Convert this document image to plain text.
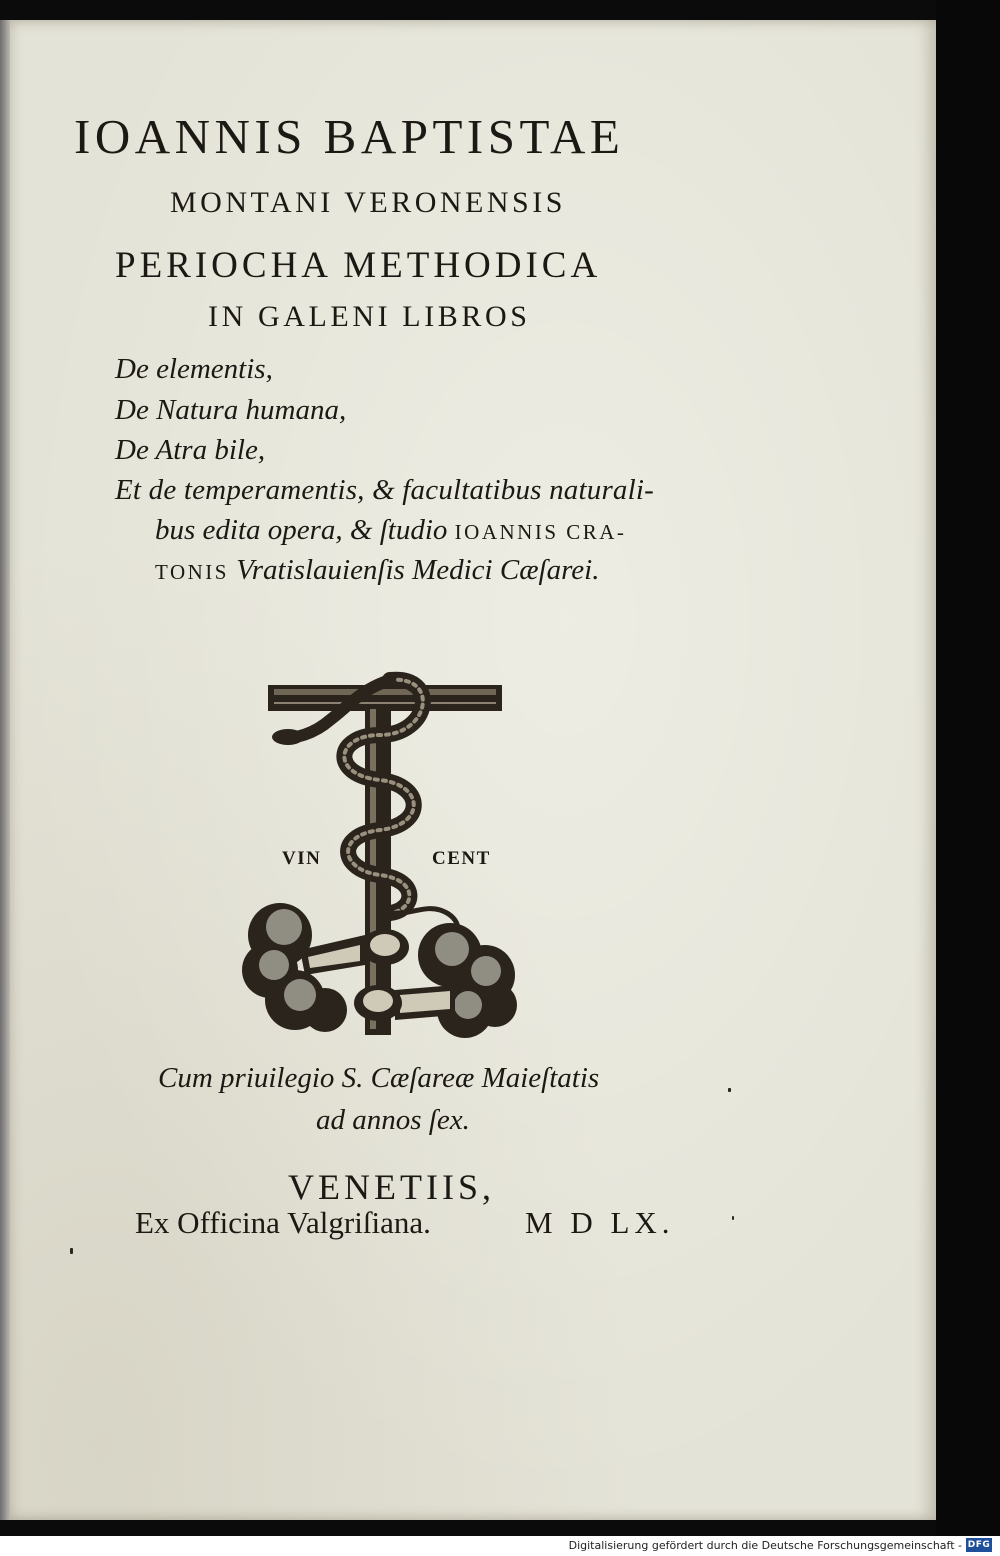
IOANNIS BAPTISTAE
MONTANI VERONENSIS
PERIOCHA METHODICA
IN GALENI LIBROS
De elementis,
De Natura humana,
De Atra bile,
Et de temperamentis, & facultatibus naturali-
bus edita opera, & ſtudio IOANNIS CRA-
TONIS Vratislauienſis Medici Cæſarei.
VIN	CENT
Cum priuilegio S. Cæſareæ Maieſtatis
ad annos ſex.
VENETIIS,
Ex Officina Valgriſiana.	M D LX.
Digitalisierung gefördert durch die Deutsche Forschungsgemeinschaft - DFG
